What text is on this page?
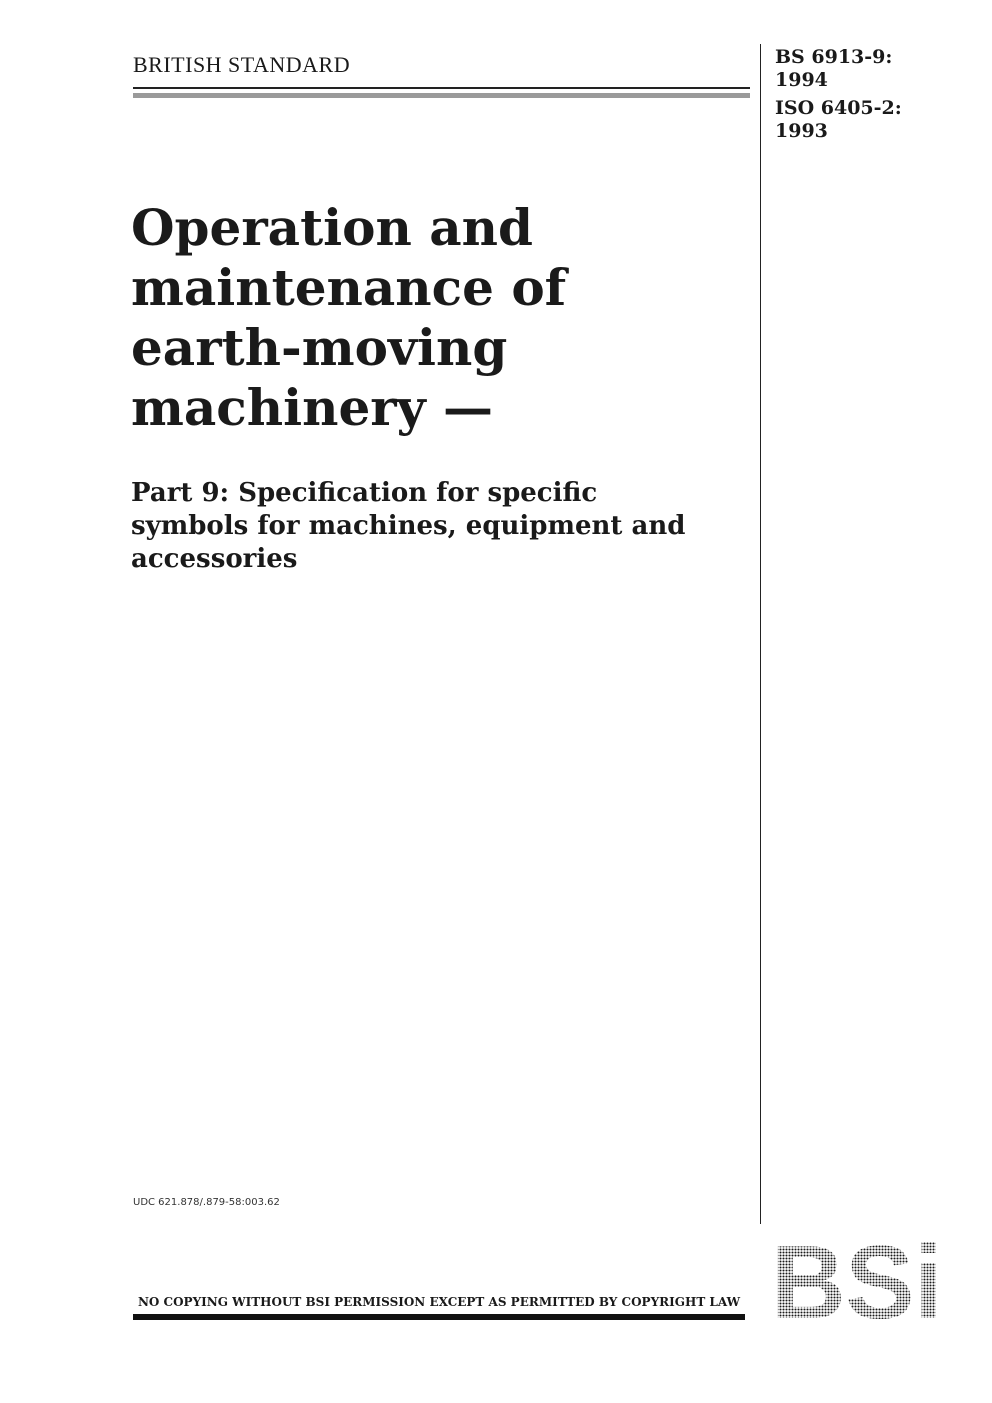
BRITISH STANDARD	BS 6913-9:
1994
ISO 6405-2:
1993
Operation and
maintenance of
earth-moving
machinery —
Part 9: Specification for specific
symbols for machines, equipment and
accessories
UDC 621.878/.879-58:003.62
NO COPYING WITHOUT BSI PERMISSION EXCEPT AS PERMITTED BY COPYRIGHT LAW BSi
